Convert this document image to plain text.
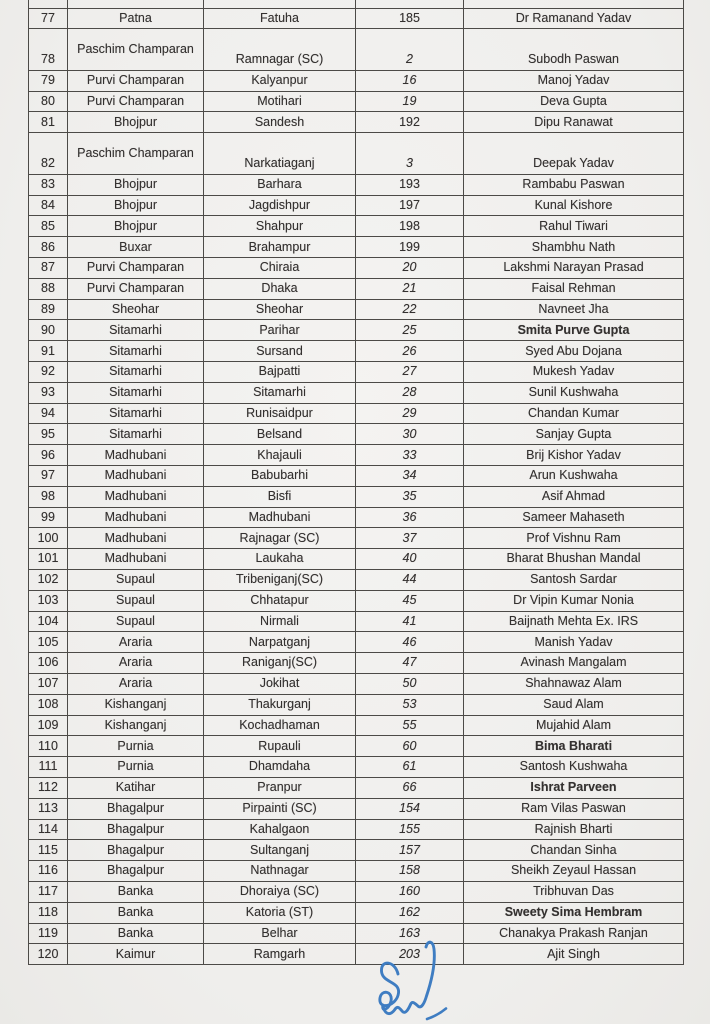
77	Patna	Fatuha	185	Dr Ramanand Yadav
78	Paschim Champaran	Ramnagar (SC)	2	Subodh Paswan
79	Purvi Champaran	Kalyanpur	16	Manoj Yadav
80	Purvi Champaran	Motihari	19	Deva Gupta
81	Bhojpur	Sandesh	192	Dipu Ranawat
82	Paschim Champaran	Narkatiaganj	3	Deepak Yadav
83	Bhojpur	Barhara	193	Rambabu Paswan
84	Bhojpur	Jagdishpur	197	Kunal Kishore
85	Bhojpur	Shahpur	198	Rahul Tiwari
86	Buxar	Brahampur	199	Shambhu Nath
87	Purvi Champaran	Chiraia	20	Lakshmi Narayan Prasad
88	Purvi Champaran	Dhaka	21	Faisal Rehman
89	Sheohar	Sheohar	22	Navneet Jha
90	Sitamarhi	Parihar	25	Smita Purve Gupta
91	Sitamarhi	Sursand	26	Syed Abu Dojana
92	Sitamarhi	Bajpatti	27	Mukesh Yadav
93	Sitamarhi	Sitamarhi	28	Sunil Kushwaha
94	Sitamarhi	Runisaidpur	29	Chandan Kumar
95	Sitamarhi	Belsand	30	Sanjay Gupta
96	Madhubani	Khajauli	33	Brij Kishor Yadav
97	Madhubani	Babubarhi	34	Arun Kushwaha
98	Madhubani	Bisfi	35	Asif Ahmad
99	Madhubani	Madhubani	36	Sameer Mahaseth
100	Madhubani	Rajnagar (SC)	37	Prof Vishnu Ram
101	Madhubani	Laukaha	40	Bharat Bhushan Mandal
102	Supaul	Tribeniganj(SC)	44	Santosh Sardar
103	Supaul	Chhatapur	45	Dr Vipin Kumar Nonia
104	Supaul	Nirmali	41	Baijnath Mehta Ex. IRS
105	Araria	Narpatganj	46	Manish Yadav
106	Araria	Raniganj(SC)	47	Avinash Mangalam
107	Araria	Jokihat	50	Shahnawaz Alam
108	Kishanganj	Thakurganj	53	Saud Alam
109	Kishanganj	Kochadhaman	55	Mujahid Alam
110	Purnia	Rupauli	60	Bima Bharati
111	Purnia	Dhamdaha	61	Santosh Kushwaha
112	Katihar	Pranpur	66	Ishrat Parveen
113	Bhagalpur	Pirpainti (SC)	154	Ram Vilas Paswan
114	Bhagalpur	Kahalgaon	155	Rajnish Bharti
115	Bhagalpur	Sultanganj	157	Chandan Sinha
116	Bhagalpur	Nathnagar	158	Sheikh Zeyaul Hassan
117	Banka	Dhoraiya (SC)	160	Tribhuvan Das
118	Banka	Katoria (ST)	162	Sweety Sima Hembram
119	Banka	Belhar	163	Chanakya Prakash Ranjan
120	Kaimur	Ramgarh	203	Ajit Singh
